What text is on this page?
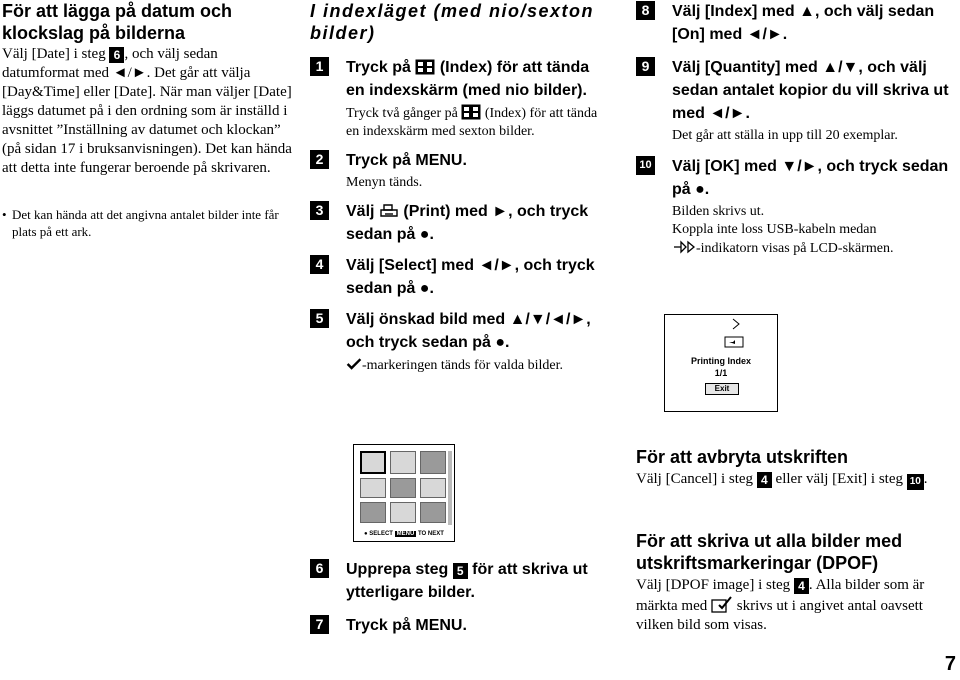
För att lägga på datum och klockslag på bilderna

Välj [Date] i steg 6 , och välj sedan datumformat med ◄/►. Det går att välja [Day&Time] eller [Date]. När man väljer [Date] läggs datumet på i den ordning som är inställd i avsnittet ”Inställning av datumet och klockan” (på sidan 17 i bruksanvisningen). Det kan hända att detta inte fungerar beroende på skrivaren.

• Det kan hända att det angivna antalet bilder inte får plats på ett ark.

I indexläget (med nio/sexton bilder)
1	Tryck på (Index) för att tända en indexskärm (med nio bilder).
Tryck två gånger på (Index) för att tända en indexskärm med sexton bilder.
2	Tryck på MENU.
Menyn tänds.
3	Välj (Print) med ►, och tryck sedan på ●.
4	Välj [Select] med ◄/►, och tryck sedan på ●.
5	Välj önskad bild med ▲/▼/◄/►, och tryck sedan på ●.
-markeringen tänds för valda bilder.
● SELECT MENU TO NEXT
6	Upprepa steg 5 för att skriva ut ytterligare bilder.
7	Tryck på MENU.
8	Välj [Index] med ▲, och välj sedan [On] med ◄/►.
9	Välj [Quantity] med ▲/▼, och välj sedan antalet kopior du vill skriva ut med ◄/►.
Det går att ställa in upp till 20 exemplar.
10 Välj [OK] med ▼/►, och tryck sedan på ●.
Bilden skrivs ut.
Koppla inte loss USB-kabeln medan
-indikatorn visas på LCD-skärmen.
Printing Index
1/1
Exit
För att avbryta utskriften

Välj [Cancel] i steg 4 eller välj [Exit] i steg 10 .

För att skriva ut alla bilder med utskriftsmarkeringar (DPOF)

Välj [DPOF image] i steg 4 . Alla bilder som är märkta med skrivs ut i angivet antal oavsett vilken bild som visas.

7
